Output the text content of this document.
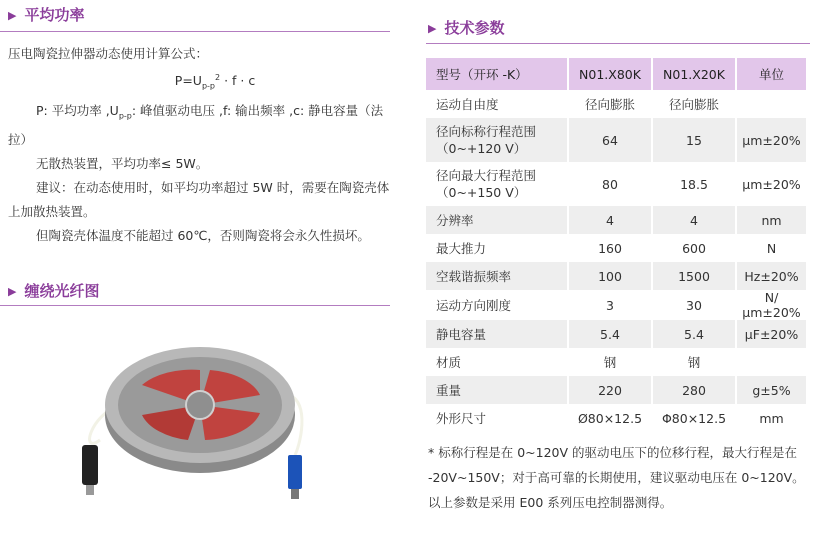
▶ 平均功率

压电陶瓷拉伸器动态使用计算公式：

$P=U_{p-p}^2 \cdot f \cdot c$

P: 平均功率 $,U_{p-p}$: 峰值驱动电压 ,f: 输出频率 ,c: 静电容量（法拉）

无散热装置，平均功率≤ 5W。

建议：在动态使用时，如平均功率超过 5W 时，需要在陶瓷壳体上加散热装置。

但陶瓷壳体温度不能超过 60℃，否则陶瓷将会永久性损坏。

▶ 缠绕光纤图
▶ 技术参数
型号（开环 -K）	N01.X80K	N01.X20K	单位
运动自由度	径向膨胀	径向膨胀	
径向标称行程范围
（0~+120 V）	64	15	µm±20%
径向最大行程范围
（0~+150 V）	80	18.5	µm±20%
分辨率	4	4	nm
最大推力	160	600	N
空载谐振频率	100	1500	Hz±20%
运动方向刚度	3	30	N/µm±20%
静电容量	5.4	5.4	µF±20%
材质	钢	钢	
重量	220	280	g±5%
外形尺寸	Ø80×12.5	Φ80×12.5	mm

* 标称行程是在 0~120V 的驱动电压下的位移行程，最大行程是在 -20V~150V；对于高可靠的长期使用，建议驱动电压在 0~120V。

以上参数是采用 E00 系列压电控制器测得。
